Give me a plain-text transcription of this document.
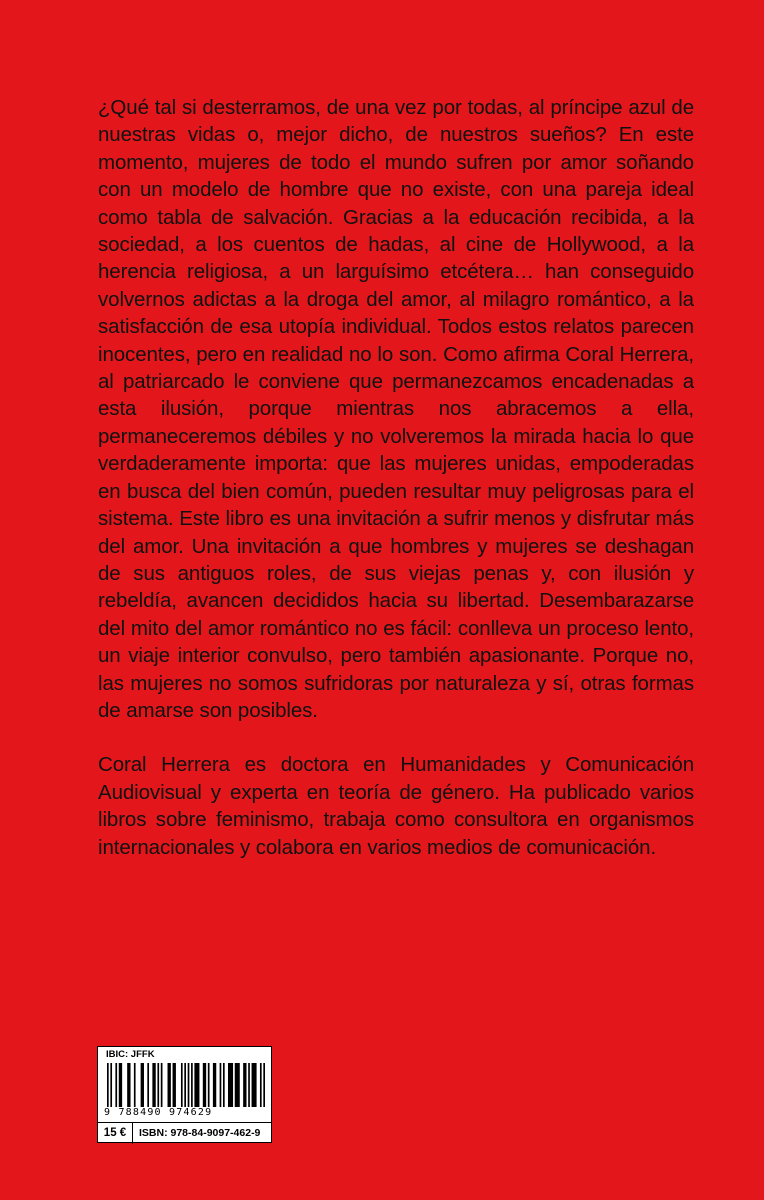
¿Qué tal si desterramos, de una vez por todas, al príncipe azul de nuestras vidas o, mejor dicho, de nuestros sueños? En este momento, mujeres de todo el mundo sufren por amor soñando con un modelo de hombre que no existe, con una pareja ideal como tabla de salvación. Gracias a la educación recibida, a la sociedad, a los cuentos de hadas, al cine de Hollywood, a la herencia religiosa, a un larguísimo etcétera… han conseguido volvernos adictas a la droga del amor, al milagro romántico, a la satisfacción de esa utopía individual. Todos estos relatos parecen inocentes, pero en realidad no lo son. Como afirma Coral Herrera, al patriarcado le conviene que permanezcamos encadenadas a esta ilusión, porque mientras nos abracemos a ella, permaneceremos débiles y no volveremos la mirada hacia lo que verdaderamente importa: que las mujeres unidas, empoderadas en busca del bien común, pueden resultar muy peligrosas para el sistema. Este libro es una invitación a sufrir menos y disfrutar más del amor. Una invitación a que hombres y mujeres se deshagan de sus antiguos roles, de sus viejas penas y, con ilusión y rebeldía, avancen decididos hacia su libertad. Desembarazarse del mito del amor romántico no es fácil: conlleva un proceso lento, un viaje interior convulso, pero también apasionante. Porque no, las mujeres no somos sufridoras por naturaleza y sí, otras formas de amarse son posibles.

Coral Herrera es doctora en Humanidades y Comunicación Audiovisual y experta en teoría de género. Ha publicado varios libros sobre feminismo, trabaja como consultora en organismos internacionales y colabora en varios medios de comunicación.

IBIC: JFFK
9 788490 974629
15 €	ISBN: 978-84-9097-462-9
